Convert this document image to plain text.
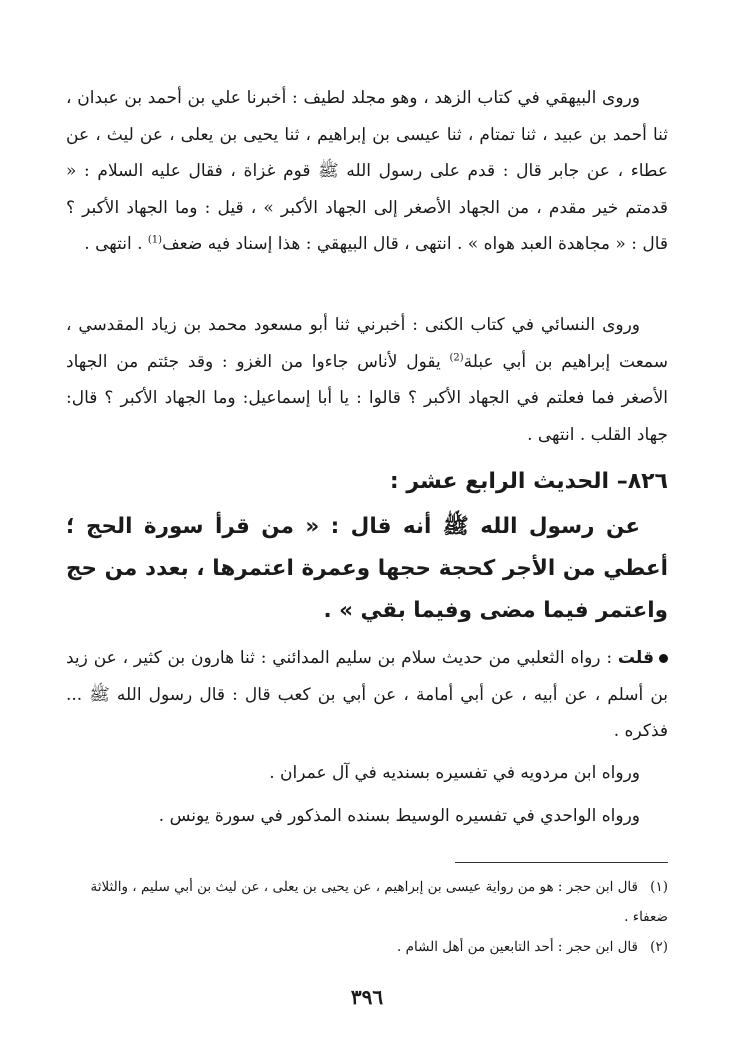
وروى البيهقي في كتاب الزهد ، وهو مجلد لطيف : أخبرنا علي بن أحمد بن عبدان ، ثنا أحمد بن عبيد ، ثنا تمتام ، ثنا عيسى بن إبراهيم ، ثنا يحيى بن يعلى ، عن ليث ، عن عطاء ، عن جابر قال : قدم على رسول الله ﷺ قوم غزاة ، فقال عليه السلام : « قدمتم خير مقدم ، من الجهاد الأصغر إلى الجهاد الأكبر » ، قيل : وما الجهاد الأكبر ؟ قال : « مجاهدة العبد هواه » . انتهى ، قال البيهقي : هذا إسناد فيه ضعف$^{(1)}$ . انتهى .

وروى النسائي في كتاب الكنى : أخبرني ثنا أبو مسعود محمد بن زياد المقدسي ، سمعت إبراهيم بن أبي عبلة$^{(2)}$ يقول لأناس جاءوا من الغزو : وقد جئتم من الجهاد الأصغر فما فعلتم في الجهاد الأكبر ؟ قالوا : يا أبا إسماعيل: وما الجهاد الأكبر ؟ قال: جهاد القلب . انتهى .

٨٢٦– الحديث الرابع عشر :
عن رسول الله ﷺ أنه قال : « من قرأ سورة الحج ؛ أعطي من الأجر كحجة حجها وعمرة اعتمرها ، بعدد من حج واعتمر فيما مضى وفيما بقي » .

قلت : رواه الثعلبي من حديث سلام بن سليم المدائني : ثنا هارون بن كثير ، عن زيد بن أسلم ، عن أبيه ، عن أبي أمامة ، عن أبي بن كعب قال : قال رسول الله ﷺ ... فذكره .

ورواه ابن مردويه في تفسيره بسنديه في آل عمران .
ورواه الواحدي في تفسيره الوسيط بسنده المذكور في سورة يونس .

(١)قال ابن حجر : هو من رواية عيسى بن إبراهيم ، عن يحيى بن يعلى ، عن ليث بن أبي سليم ، والثلاثة ضعفاء .

(٢)قال ابن حجر : أحد التابعين من أهل الشام .

٣٩٦
